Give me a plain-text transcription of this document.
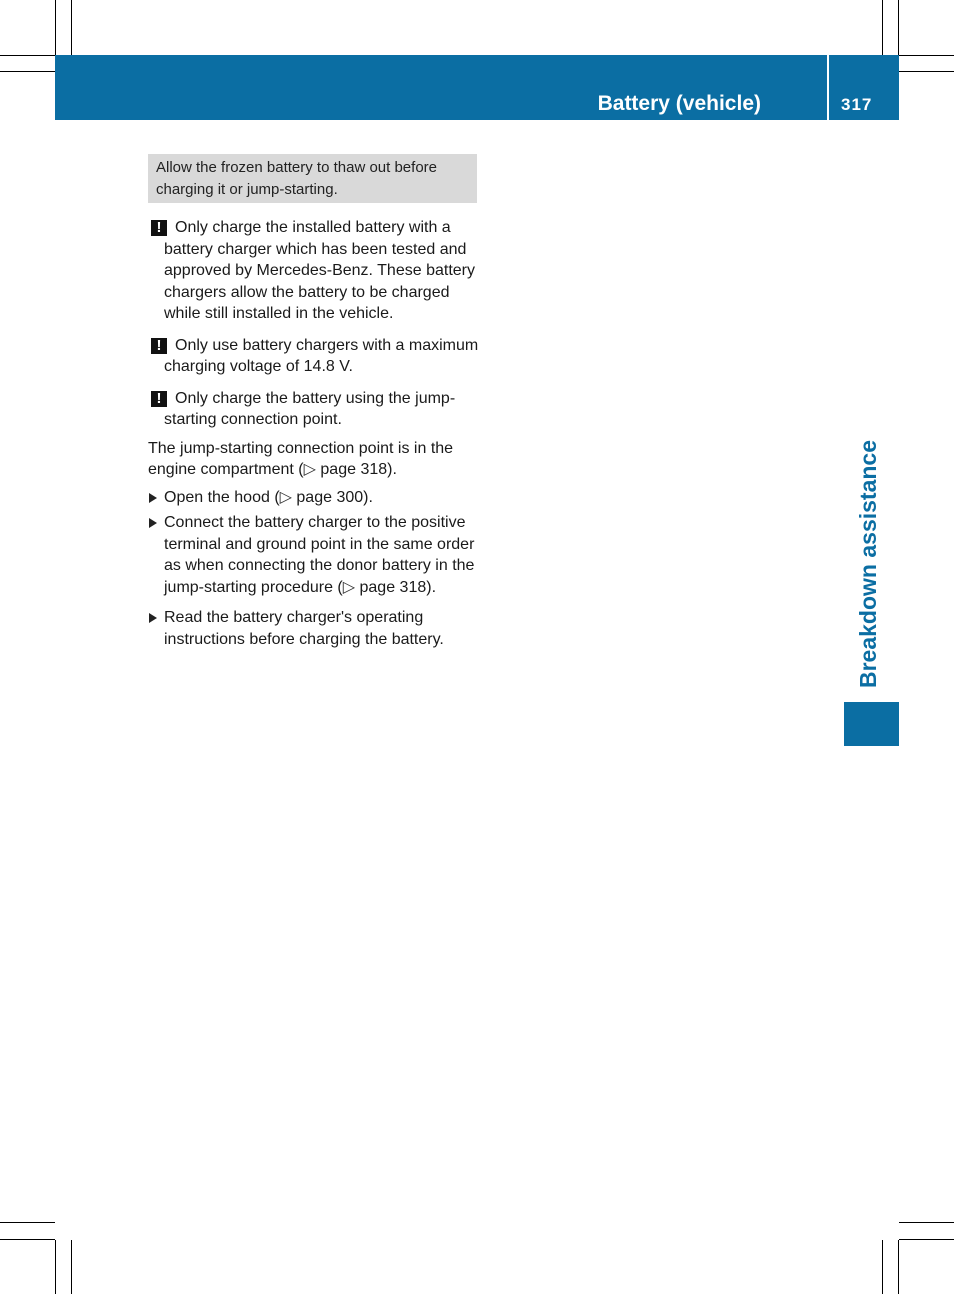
Battery (vehicle)	317
Breakdown assistance
Allow the frozen battery to thaw out before charging it or jump-starting.
! Only charge the installed battery with a battery charger which has been tested and approved by Mercedes-Benz. These battery chargers allow the battery to be charged while still installed in the vehicle.
! Only use battery chargers with a maximum charging voltage of 14.8 V.
! Only charge the battery using the jump-starting connection point.
The jump-starting connection point is in the engine compartment (▷ page 318).
Open the hood (▷ page 300).
Connect the battery charger to the positive terminal and ground point in the same order as when connecting the donor battery in the jump-starting procedure (▷ page 318).
Read the battery charger's operating instructions before charging the battery.
